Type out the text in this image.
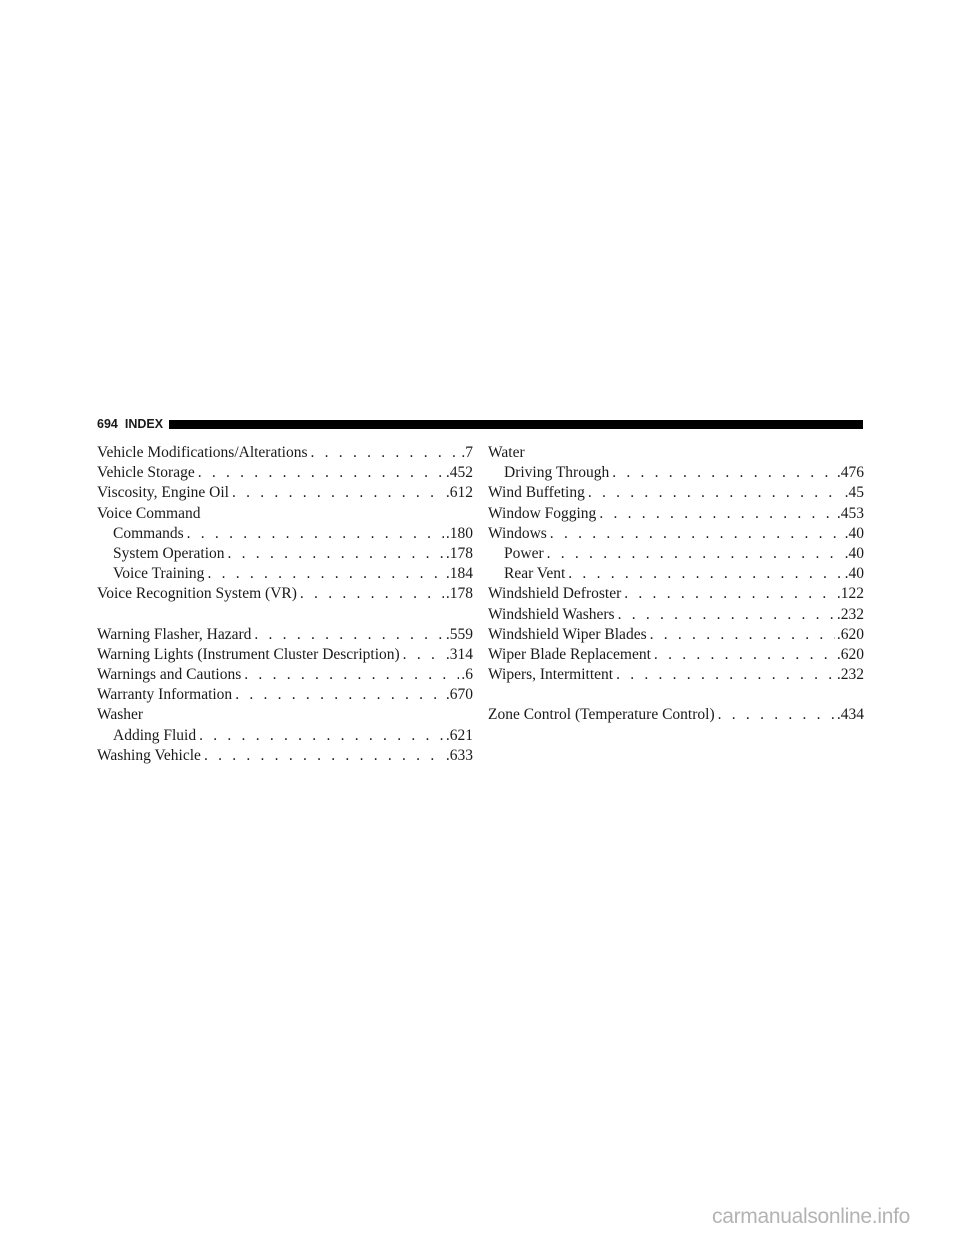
694 INDEX
Vehicle Modifications/Alterations . . .	.7
Vehicle Storage . . .	.452
Viscosity, Engine Oil . . .	.612
Voice Command
Commands . . .	.180
System Operation . . .	.178
Voice Training . . .	.184
Voice Recognition System (VR) . . .	.178
Warning Flasher, Hazard . . .	.559
Warning Lights (Instrument Cluster Description) . . .	.314
Warnings and Cautions . . .	.6
Warranty Information . . .	.670
Washer
Adding Fluid . . .	.621
Washing Vehicle . . .	.633
Water
Driving Through . . .	.476
Wind Buffeting . . .	.45
Window Fogging . . .	.453
Windows . . .	.40
Power . . .	.40
Rear Vent . . .	.40
Windshield Defroster . . .	.122
Windshield Washers . . .	.232
Windshield Wiper Blades . . .	.620
Wiper Blade Replacement . . .	.620
Wipers, Intermittent . . .	.232
Zone Control (Temperature Control) . . .	.434
carmanualsonline.info
